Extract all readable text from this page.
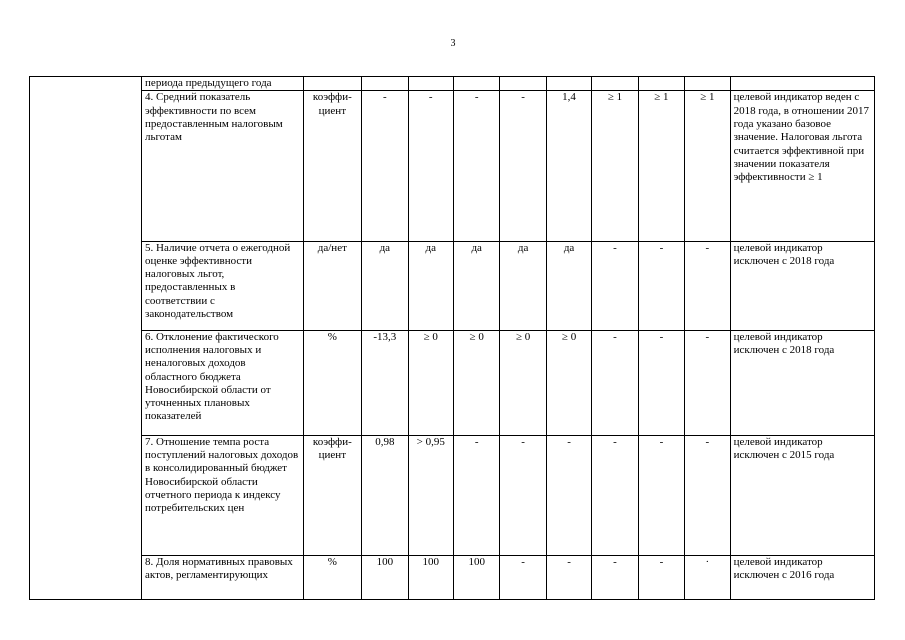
3
	периода предыдущего года										
	4. Средний показатель эффективности по всем предоставленным налоговым льготам	коэффи-циент	-	-	-	-	1,4	≥ 1	≥ 1	≥ 1	целевой индикатор веден с 2018 года, в отношении 2017 года указано базовое значение. Налоговая льгота считается эффективной при значении показателя эффективности ≥ 1
	5. Наличие отчета о ежегодной оценке эффективности налоговых льгот, предоставленных в соответствии с законодательством	да/нет	да	да	да	да	да	-	-	-	целевой индикатор исключен с 2018 года
	6. Отклонение фактического исполнения налоговых и неналоговых доходов областного бюджета Новосибирской области от уточненных плановых показателей	%	-13,3	≥ 0	≥ 0	≥ 0	≥ 0	-	-	-	целевой индикатор исключен с 2018 года
	7. Отношение темпа роста поступлений налоговых доходов в консолидированный бюджет Новосибирской области отчетного периода к индексу потребительских цен	коэффи-циент	0,98	> 0,95	-	-	-	-	-	-	целевой индикатор исключен с 2015 года
	8. Доля нормативных правовых актов, регламентирующих	%	100	100	100	-	-	-	-	·	целевой индикатор исключен с 2016 года
